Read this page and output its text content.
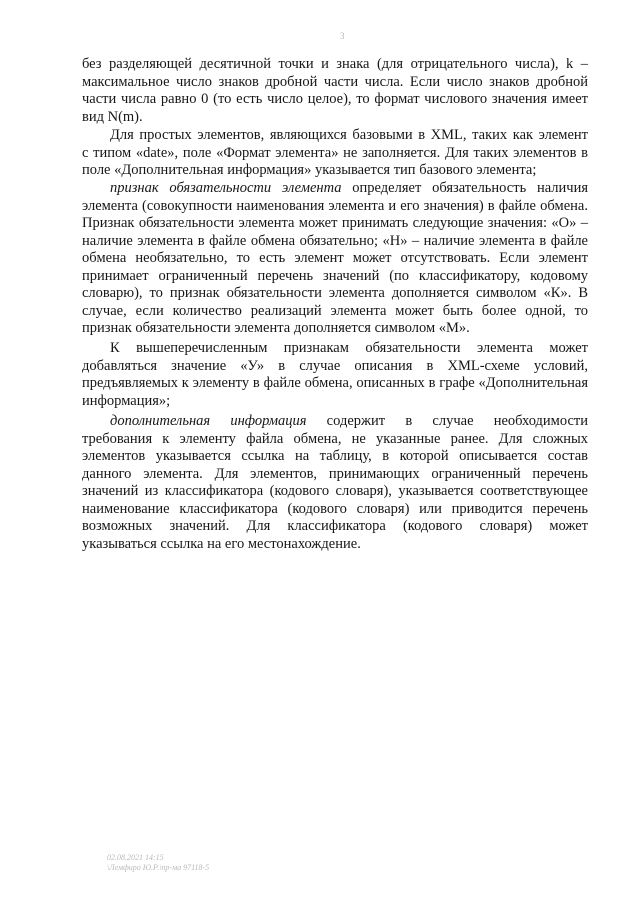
3
без разделяющей десятичной точки и знака (для отрицательного числа), k –
максимальное число знаков дробной части числа. Если число знаков дробной
части числа равно 0 (то есть число целое), то формат числового значения имеет
вид N(m).
Для простых элементов, являющихся базовыми в XML, таких как элемент
с типом «date», поле «Формат элемента» не заполняется. Для таких элементов в
поле «Дополнительная информация» указывается тип базового элемента;
признак обязательности элемента определяет обязательность наличия
элемента (совокупности наименования элемента и его значения) в файле обмена.
Признак обязательности элемента может принимать следующие значения: «О» –
наличие элемента в файле обмена обязательно; «Н» – наличие элемента в файле
обмена необязательно, то есть элемент может отсутствовать. Если элемент
принимает ограниченный перечень значений (по классификатору, кодовому
словарю), то признак обязательности элемента дополняется символом «К». В
случае, если количество реализаций элемента может быть более одной, то
признак обязательности элемента дополняется символом «М».
К вышеперечисленным признакам обязательности элемента может
добавляться значение «У» в случае описания в XML-схеме условий,
предъявляемых к элементу в файле обмена, описанных в графе «Дополнительная
информация»;
дополнительная информация содержит в случае необходимости
требования к элементу файла обмена, не указанные ранее. Для сложных
элементов указывается ссылка на таблицу, в которой описывается состав
данного элемента. Для элементов, принимающих ограниченный перечень
значений из классификатора (кодового словаря), указывается соответствующее
наименование классификатора (кодового словаря) или приводится перечень
возможных значений. Для классификатора (кодового словаря) может
указываться ссылка на его местонахождение.
02.08.2021 14:15
\Лемфиро Ю.Р.\пр-ма 97118-5
